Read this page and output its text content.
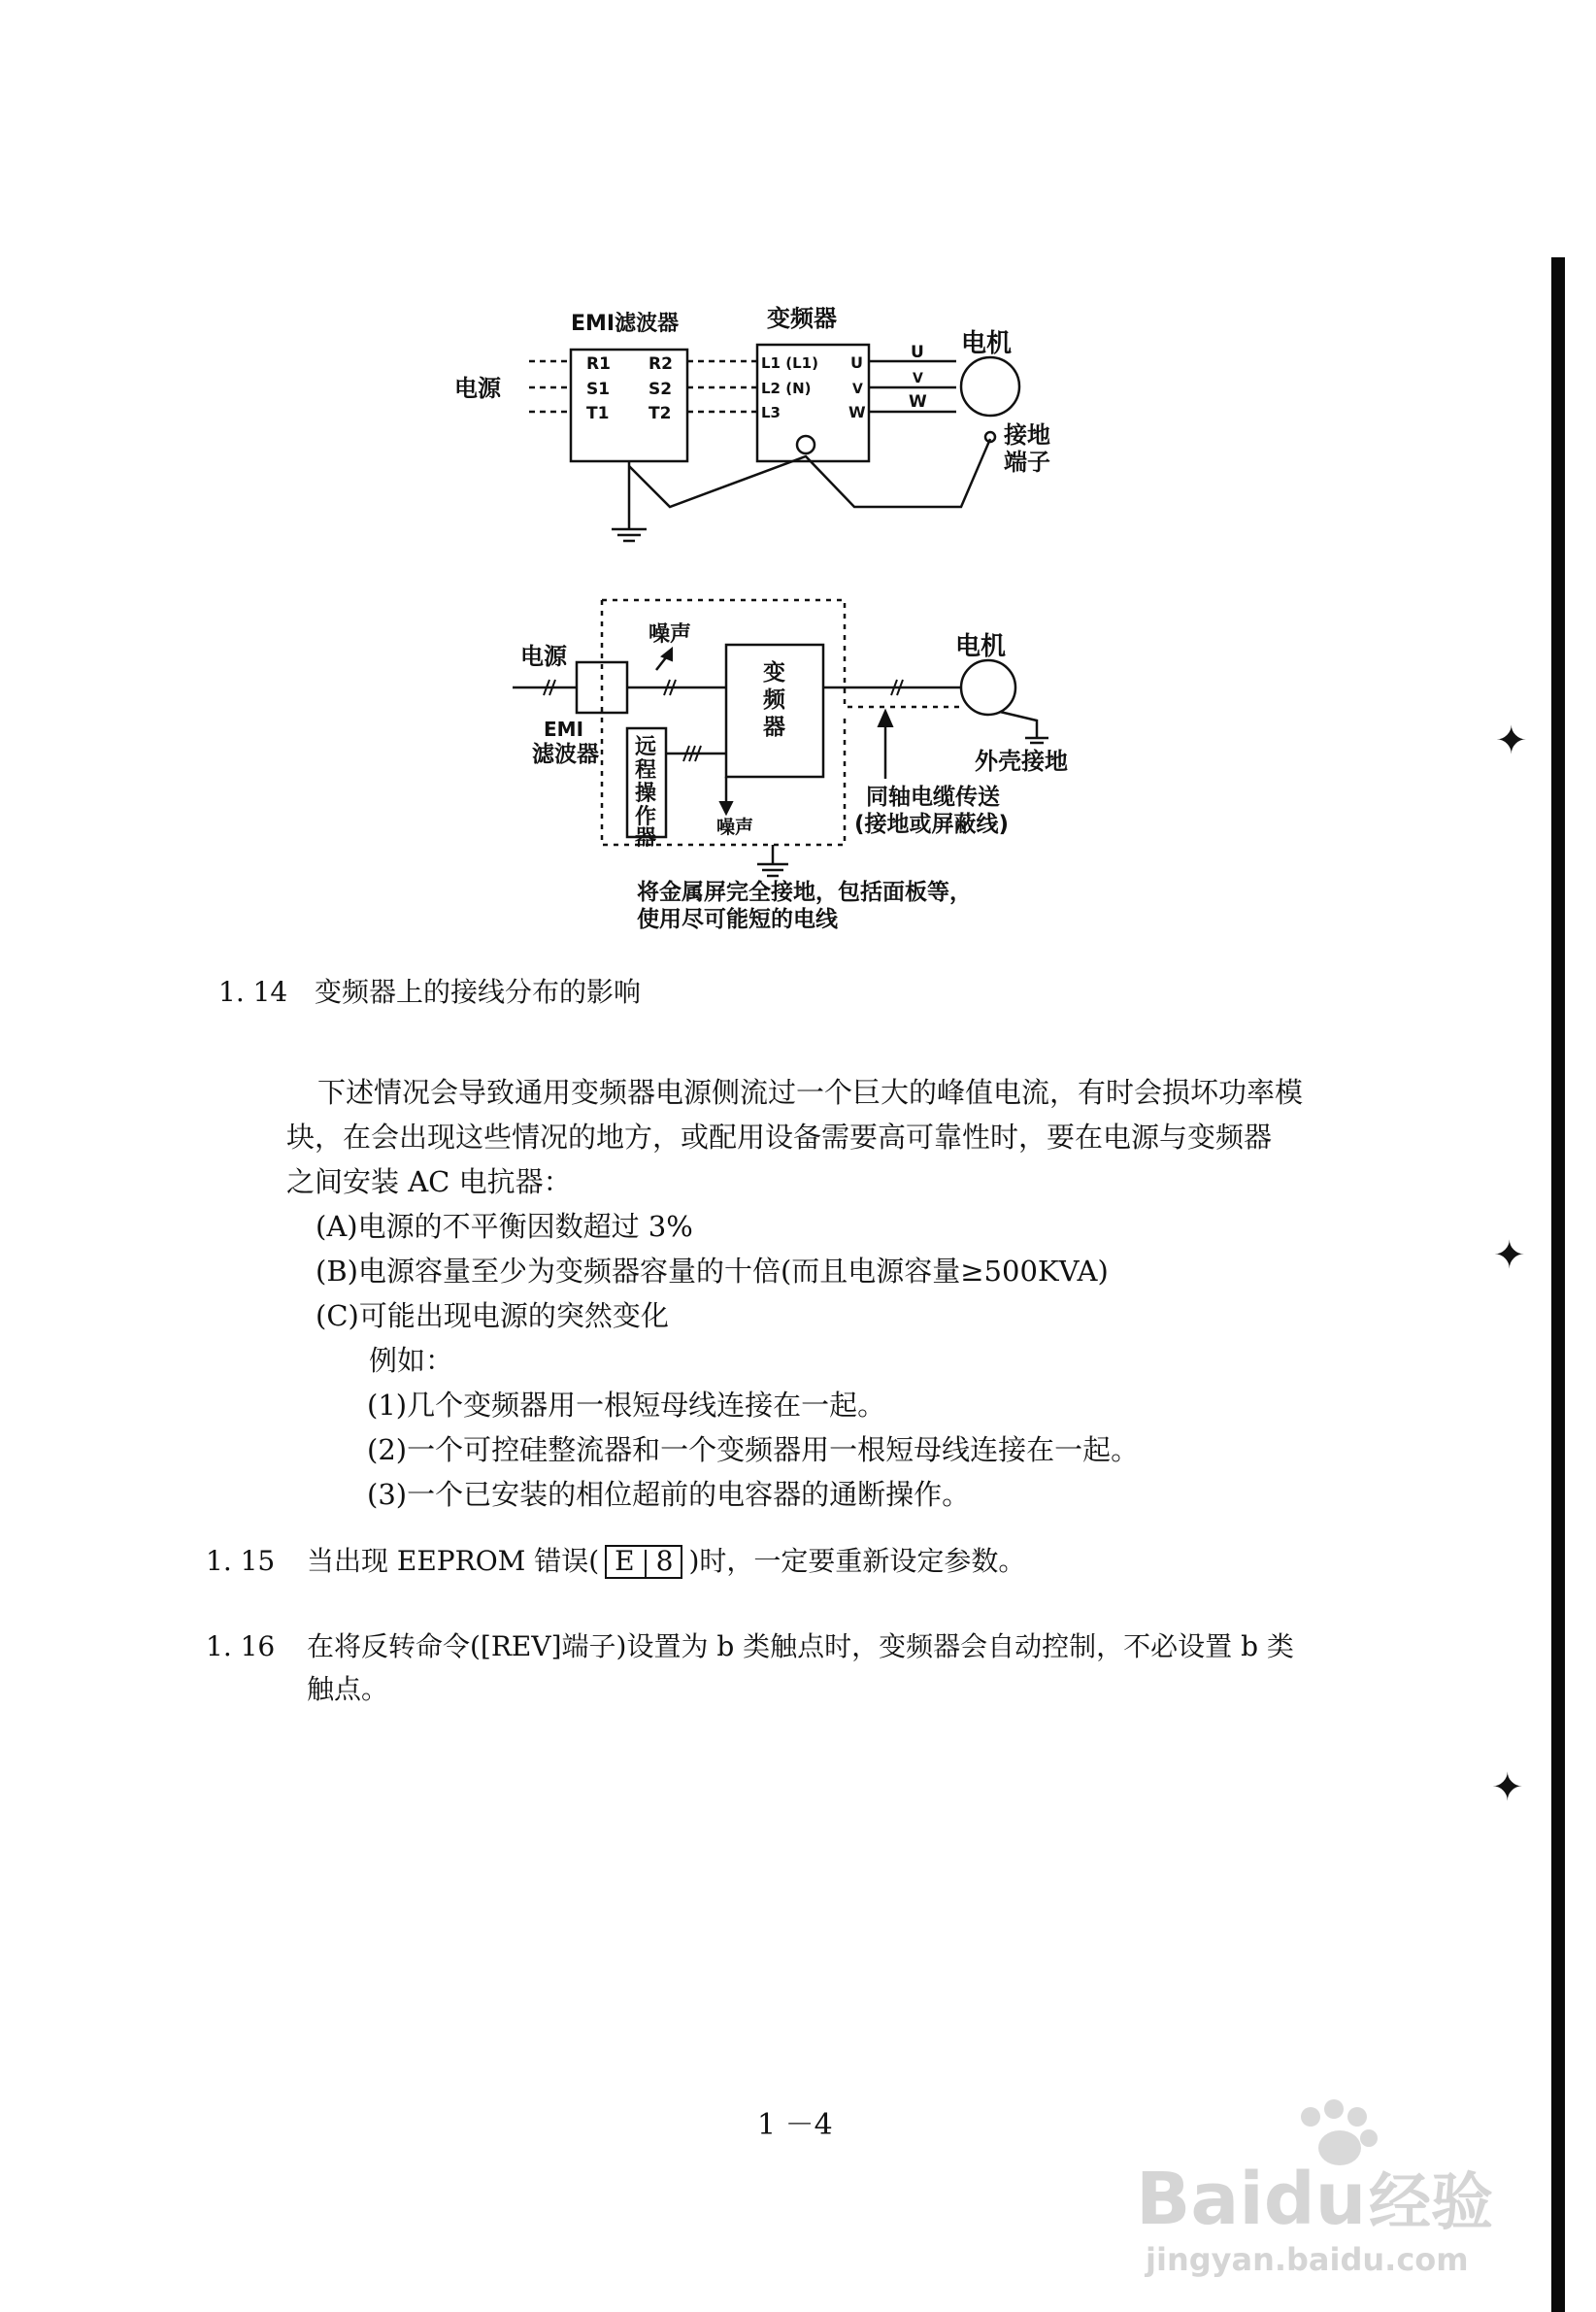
EMI滤波器	变频器
电机
电源
R1
S1
T1
R2
S2
T2
L1 (L1)
L2 (N)
L3
U
V
W
U
V
W
接地
端子
电源
噪声
变
频
器
电机
EMI
滤波器 远
程
操
作
器	噪声
外壳接地
同轴电缆传送
(接地或屏蔽线)
将金属屏完全接地，包括面板等，
使用尽可能短的电线
1. 14 变频器上的接线分布的影响
下述情况会导致通用变频器电源侧流过一个巨大的峰值电流，有时会损坏功率模
块，在会出现这些情况的地方，或配用设备需要高可靠性时，要在电源与变频器
之间安装 AC 电抗器：
(A)电源的不平衡因数超过 3%
(B)电源容量至少为变频器容量的十倍(而且电源容量≥500KVA)
(C)可能出现电源的突然变化
例如：
(1)几个变频器用一根短母线连接在一起。
(2)一个可控硅整流器和一个变频器用一根短母线连接在一起。
(3)一个已安装的相位超前的电容器的通断操作。
1. 15 当出现 EEPROM 错误( E 8 )时，一定要重新设定参数。
1. 16 在将反转命令([REV]端子)设置为 b 类触点时，变频器会自动控制，不必设置 b 类
触点。
1 －4
✦
✦
✦
Baidu 经验
jingyan.baidu.com
